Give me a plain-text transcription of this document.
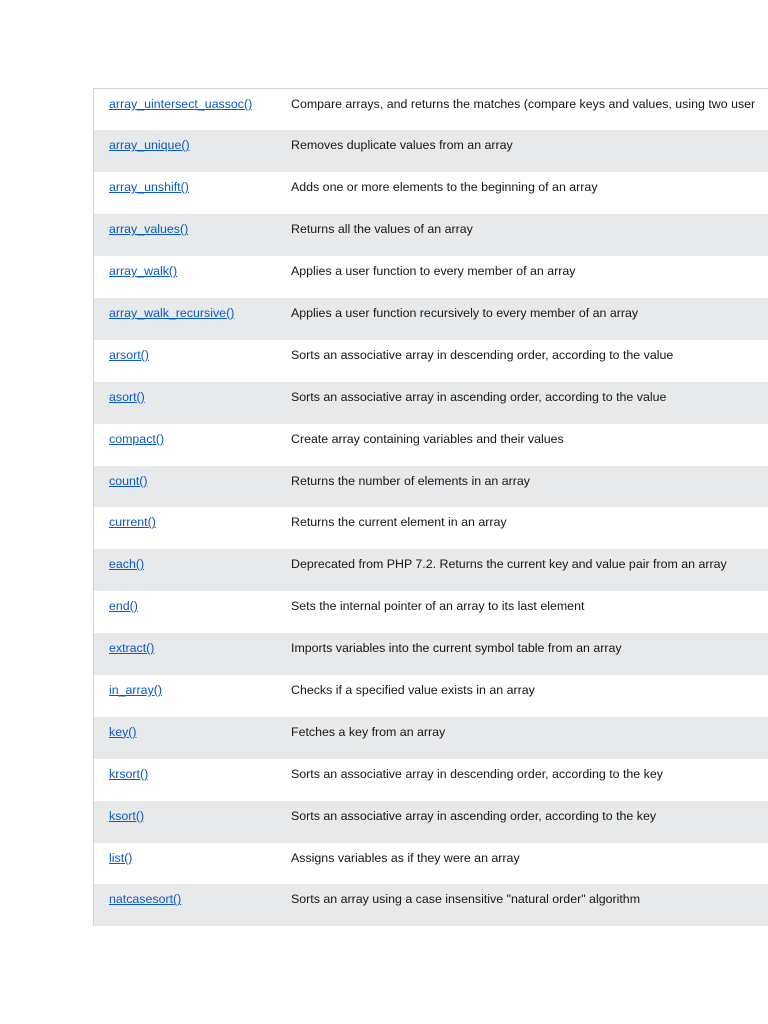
array_uintersect_uassoc()	Compare arrays, and returns the matches (compare keys and values, using two user
array_unique()	Removes duplicate values from an array
array_unshift()	Adds one or more elements to the beginning of an array
array_values()	Returns all the values of an array
array_walk()	Applies a user function to every member of an array
array_walk_recursive()	Applies a user function recursively to every member of an array
arsort()	Sorts an associative array in descending order, according to the value
asort()	Sorts an associative array in ascending order, according to the value
compact()	Create array containing variables and their values
count()	Returns the number of elements in an array
current()	Returns the current element in an array
each()	Deprecated from PHP 7.2. Returns the current key and value pair from an array
end()	Sets the internal pointer of an array to its last element
extract()	Imports variables into the current symbol table from an array
in_array()	Checks if a specified value exists in an array
key()	Fetches a key from an array
krsort()	Sorts an associative array in descending order, according to the key
ksort()	Sorts an associative array in ascending order, according to the key
list()	Assigns variables as if they were an array
natcasesort()	Sorts an array using a case insensitive "natural order" algorithm
